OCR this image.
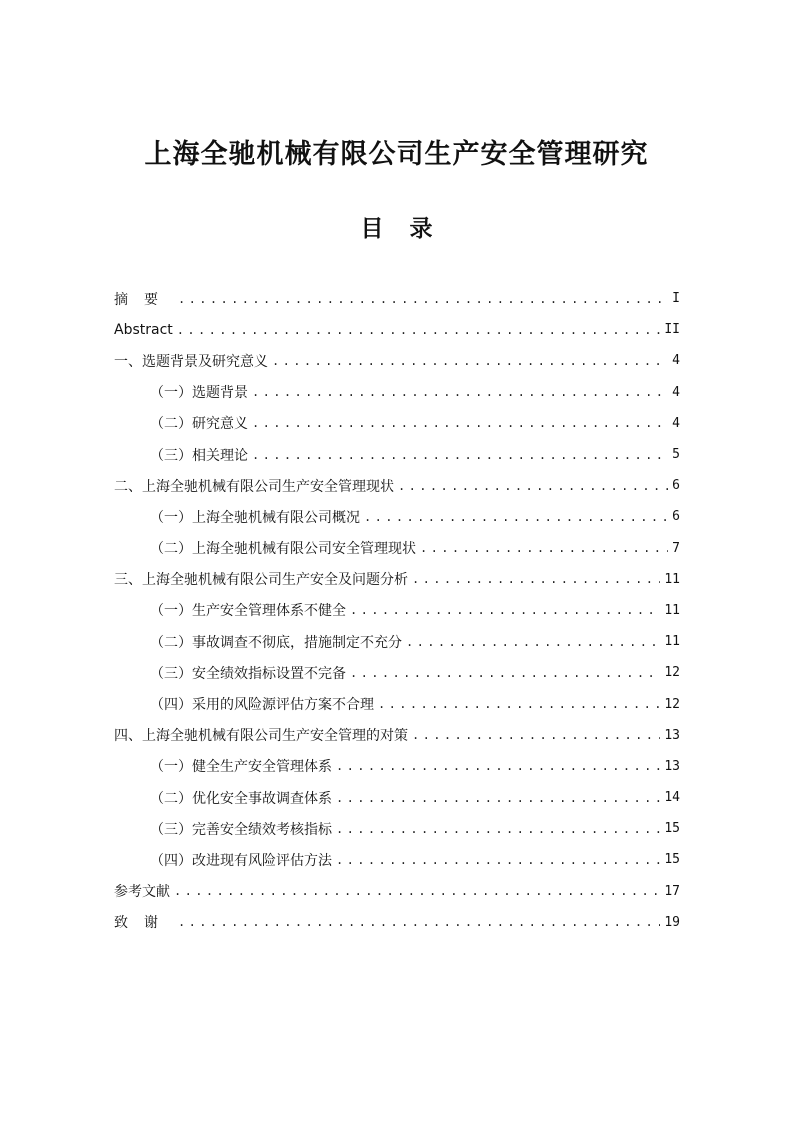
上海全驰机械有限公司生产安全管理研究
目录
摘要 .....	I
Abstract .....	II
一、选题背景及研究意义 .....	4
（一）选题背景 .....	4
（二）研究意义 .....	4
（三）相关理论 .....	5
二、上海全驰机械有限公司生产安全管理现状 .....	6
（一）上海全驰机械有限公司概况 .....	6
（二）上海全驰机械有限公司安全管理现状 .....	7
三、上海全驰机械有限公司生产安全及问题分析 .....	11
（一）生产安全管理体系不健全 .....	11
（二）事故调查不彻底，措施制定不充分 .....	11
（三）安全绩效指标设置不完备 .....	12
（四）采用的风险源评估方案不合理 .....	12
四、上海全驰机械有限公司生产安全管理的对策 .....	13
（一）健全生产安全管理体系 .....	13
（二）优化安全事故调查体系 .....	14
（三）完善安全绩效考核指标 .....	15
（四）改进现有风险评估方法 .....	15
参考文献 .....	17
致谢 .....	19
